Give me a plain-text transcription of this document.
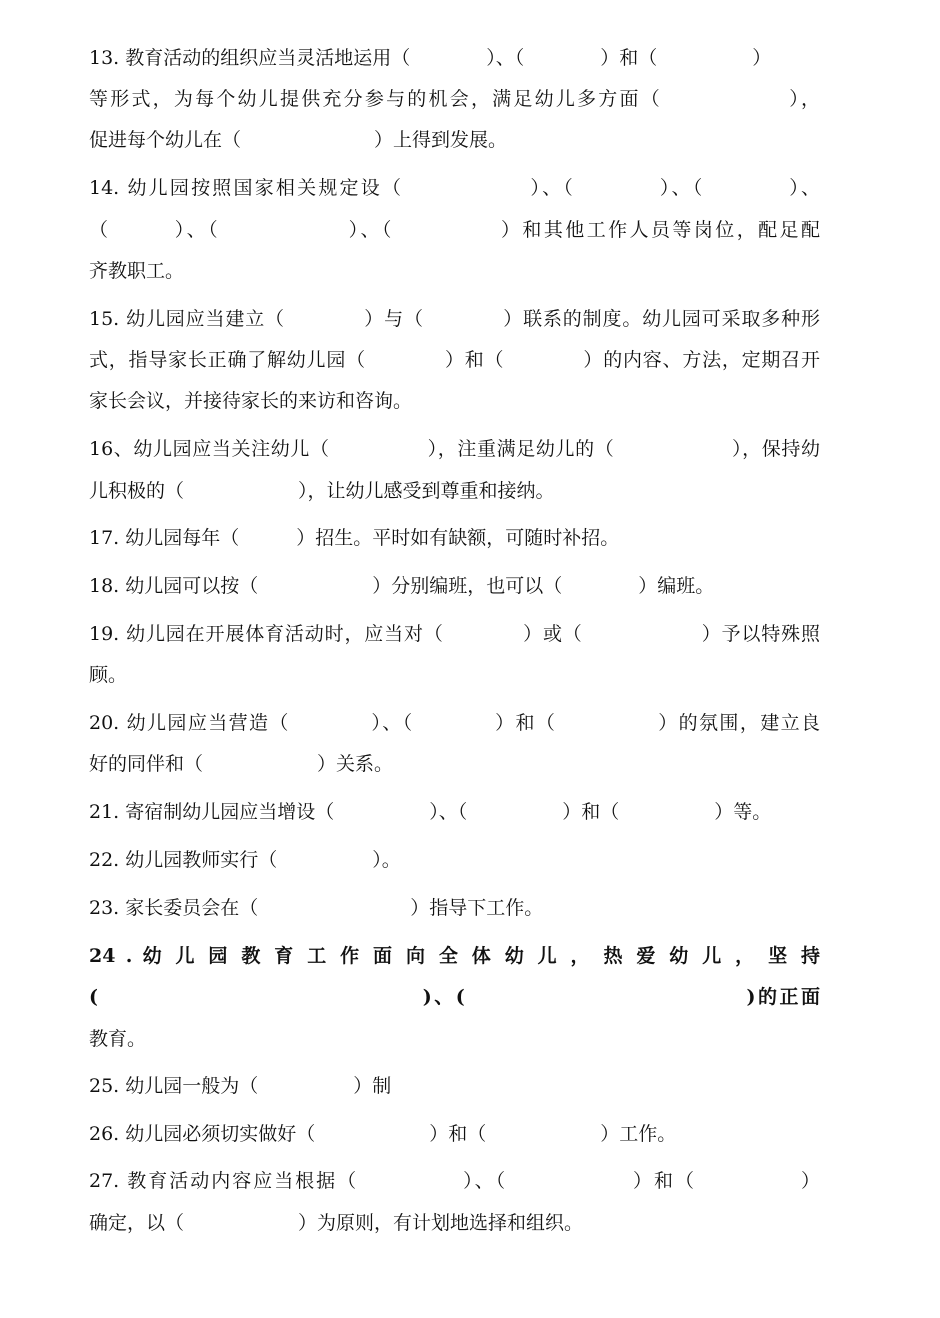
13. 教育活动的组织应当灵活地运用（　　　　）、（　　　　）和（　　　　　）
等形式，为每个幼儿提供充分参与的机会，满足幼儿多方面（　　　　　　），
促进每个幼儿在（　　　　　　　）上得到发展。
14. 幼儿园按照国家相关规定设（　　　　　　）、（　　　　）、（　　　　）、
（　　　）、（　　　　　　）、（　　　　　）和其他工作人员等岗位，配足配
齐教职工。
15. 幼儿园应当建立（　　　　）与（　　　　）联系的制度。幼儿园可采取多种形
式，指导家长正确了解幼儿园（　　　　）和（　　　　）的内容、方法，定期召开
家长会议，并接待家长的来访和咨询。
16、幼儿园应当关注幼儿（　　　　　），注重满足幼儿的（　　　　　　），保持幼
儿积极的（　　　　　　），让幼儿感受到尊重和接纳。
17. 幼儿园每年（　　　）招生。平时如有缺额，可随时补招。
18. 幼儿园可以按（　　　　　　）分别编班，也可以（　　　　）编班。
19. 幼儿园在开展体育活动时，应当对（　　　　）或（　　　　　　）予以特殊照
顾。
20. 幼儿园应当营造（　　　　）、（　　　　）和（　　　　　）的氛围，建立良
好的同伴和（　　　　　　）关系。
21. 寄宿制幼儿园应当增设（　　　　　）、（　　　　　）和（　　　　　）等。
22. 幼儿园教师实行（　　　　　）。
23. 家长委员会在（　　　　　　　　）指导下工作。
24 . 幼 儿 园 教 育 工 作 面 向 全 体 幼 儿 ， 热 爱 幼 儿 ， 坚 持
(　　　　　　　　　　　　　　　)、(　　　　　　　　　　　　　)的正面
教育。
25. 幼儿园一般为（　　　　　）制
26. 幼儿园必须切实做好（　　　　　　）和（　　　　　　）工作。
27. 教育活动内容应当根据（　　　　　）、（　　　　　　）和（　　　　　）
确定，以（　　　　　　）为原则，有计划地选择和组织。
